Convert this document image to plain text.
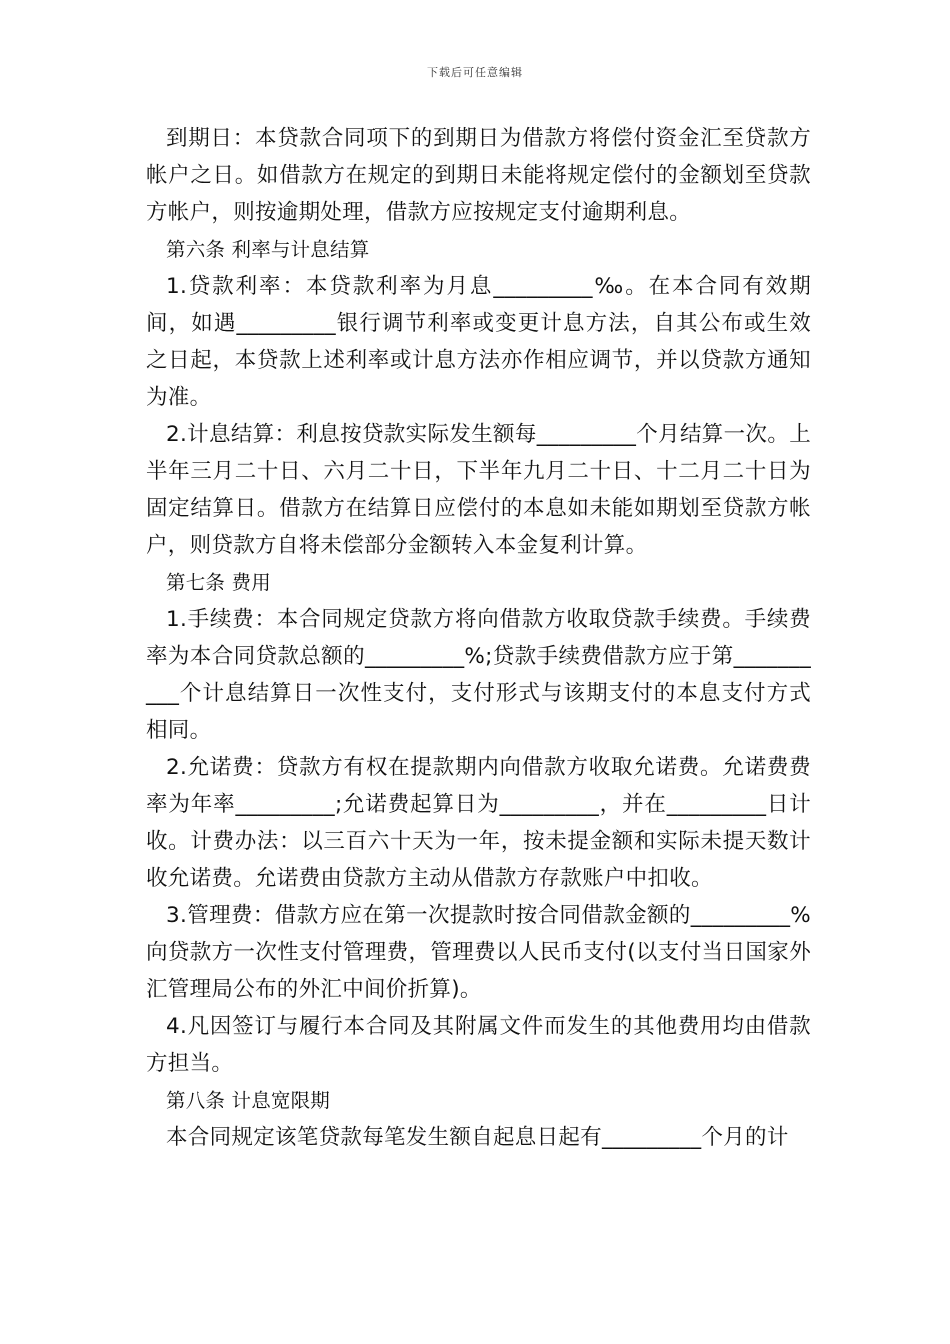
下载后可任意编辑

到期日：本贷款合同项下的到期日为借款方将偿付资金汇至贷款方帐户之日。如借款方在规定的到期日未能将规定偿付的金额划至贷款方帐户，则按逾期处理，借款方应按规定支付逾期利息。

第六条 利率与计息结算

1.贷款利率：本贷款利率为月息_________‰。在本合同有效期间，如遇_________银行调节利率或变更计息方法，自其公布或生效之日起，本贷款上述利率或计息方法亦作相应调节，并以贷款方通知为准。

2.计息结算：利息按贷款实际发生额每_________个月结算一次。上半年三月二十日、六月二十日，下半年九月二十日、十二月二十日为固定结算日。借款方在结算日应偿付的本息如未能如期划至贷款方帐户，则贷款方自将未偿部分金额转入本金复利计算。

第七条 费用

1.手续费：本合同规定贷款方将向借款方收取贷款手续费。手续费率为本合同贷款总额的_________%;贷款手续费借款方应于第__________个计息结算日一次性支付，支付形式与该期支付的本息支付方式相同。

2.允诺费：贷款方有权在提款期内向借款方收取允诺费。允诺费费率为年率_________;允诺费起算日为_________，并在_________日计收。计费办法：以三百六十天为一年，按未提金额和实际未提天数计收允诺费。允诺费由贷款方主动从借款方存款账户中扣收。

3.管理费：借款方应在第一次提款时按合同借款金额的_________%向贷款方一次性支付管理费，管理费以人民币支付(以支付当日国家外汇管理局公布的外汇中间价折算)。

4.凡因签订与履行本合同及其附属文件而发生的其他费用均由借款方担当。

第八条 计息宽限期

本合同规定该笔贷款每笔发生额自起息日起有_________个月的计
